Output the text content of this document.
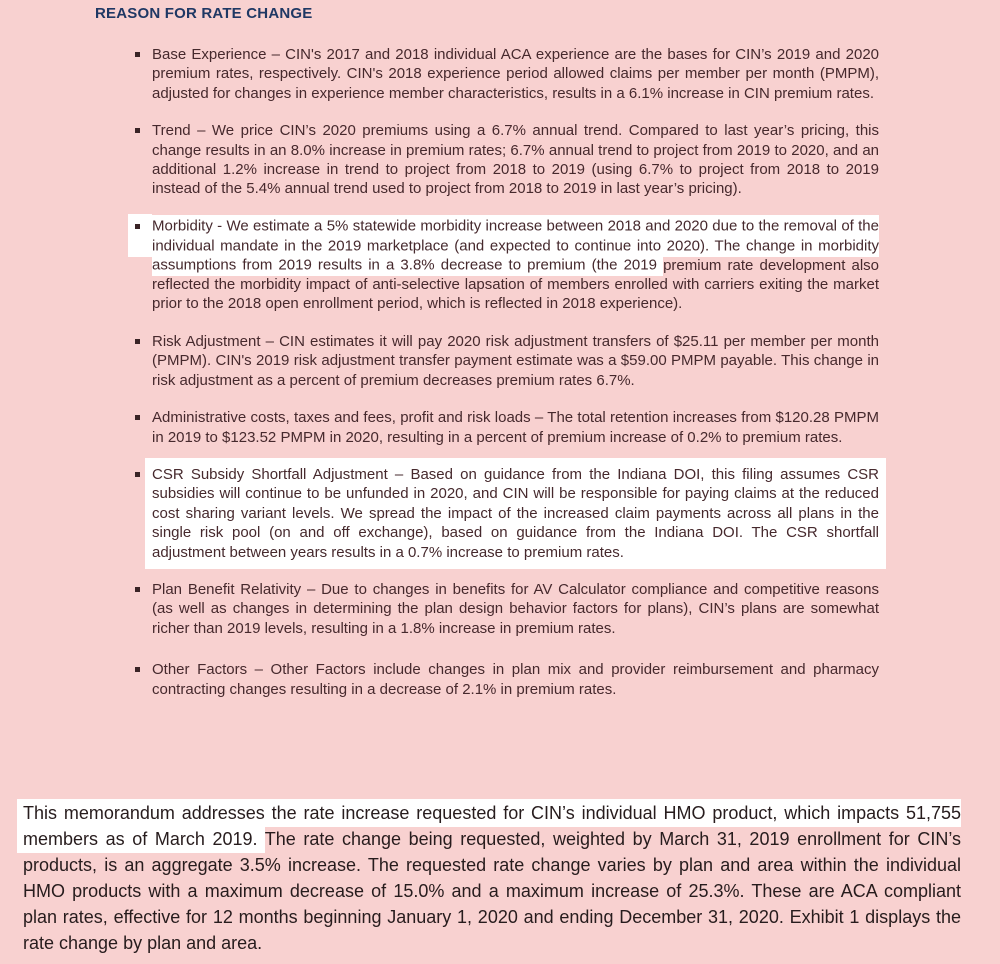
REASON FOR RATE CHANGE
Base Experience – CIN's 2017 and 2018 individual ACA experience are the bases for CIN’s 2019 and 2020 premium rates, respectively. CIN's 2018 experience period allowed claims per member per month (PMPM), adjusted for changes in experience member characteristics, results in a 6.1% increase in CIN premium rates.
Trend – We price CIN’s 2020 premiums using a 6.7% annual trend. Compared to last year’s pricing, this change results in an 8.0% increase in premium rates; 6.7% annual trend to project from 2019 to 2020, and an additional 1.2% increase in trend to project from 2018 to 2019 (using 6.7% to project from 2018 to 2019 instead of the 5.4% annual trend used to project from 2018 to 2019 in last year’s pricing).
Morbidity - We estimate a 5% statewide morbidity increase between 2018 and 2020 due to the removal of the individual mandate in the 2019 marketplace (and expected to continue into 2020). The change in morbidity assumptions from 2019 results in a 3.8% decrease to premium (the 2019 premium rate development also reflected the morbidity impact of anti-selective lapsation of members enrolled with carriers exiting the market prior to the 2018 open enrollment period, which is reflected in 2018 experience).
Risk Adjustment – CIN estimates it will pay 2020 risk adjustment transfers of $25.11 per member per month (PMPM). CIN's 2019 risk adjustment transfer payment estimate was a $59.00 PMPM payable. This change in risk adjustment as a percent of premium decreases premium rates 6.7%.
Administrative costs, taxes and fees, profit and risk loads – The total retention increases from $120.28 PMPM in 2019 to $123.52 PMPM in 2020, resulting in a percent of premium increase of 0.2% to premium rates.
CSR Subsidy Shortfall Adjustment – Based on guidance from the Indiana DOI, this filing assumes CSR subsidies will continue to be unfunded in 2020, and CIN will be responsible for paying claims at the reduced cost sharing variant levels. We spread the impact of the increased claim payments across all plans in the single risk pool (on and off exchange), based on guidance from the Indiana DOI. The CSR shortfall adjustment between years results in a 0.7% increase to premium rates.
Plan Benefit Relativity – Due to changes in benefits for AV Calculator compliance and competitive reasons (as well as changes in determining the plan design behavior factors for plans), CIN’s plans are somewhat richer than 2019 levels, resulting in a 1.8% increase in premium rates.
Other Factors – Other Factors include changes in plan mix and provider reimbursement and pharmacy contracting changes resulting in a decrease of 2.1% in premium rates.

This memorandum addresses the rate increase requested for CIN’s individual HMO product, which impacts 51,755 members as of March 2019. The rate change being requested, weighted by March 31, 2019 enrollment for CIN’s products, is an aggregate 3.5% increase. The requested rate change varies by plan and area within the individual HMO products with a maximum decrease of 15.0% and a maximum increase of 25.3%. These are ACA compliant plan rates, effective for 12 months beginning January 1, 2020 and ending December 31, 2020. Exhibit 1 displays the rate change by plan and area.
